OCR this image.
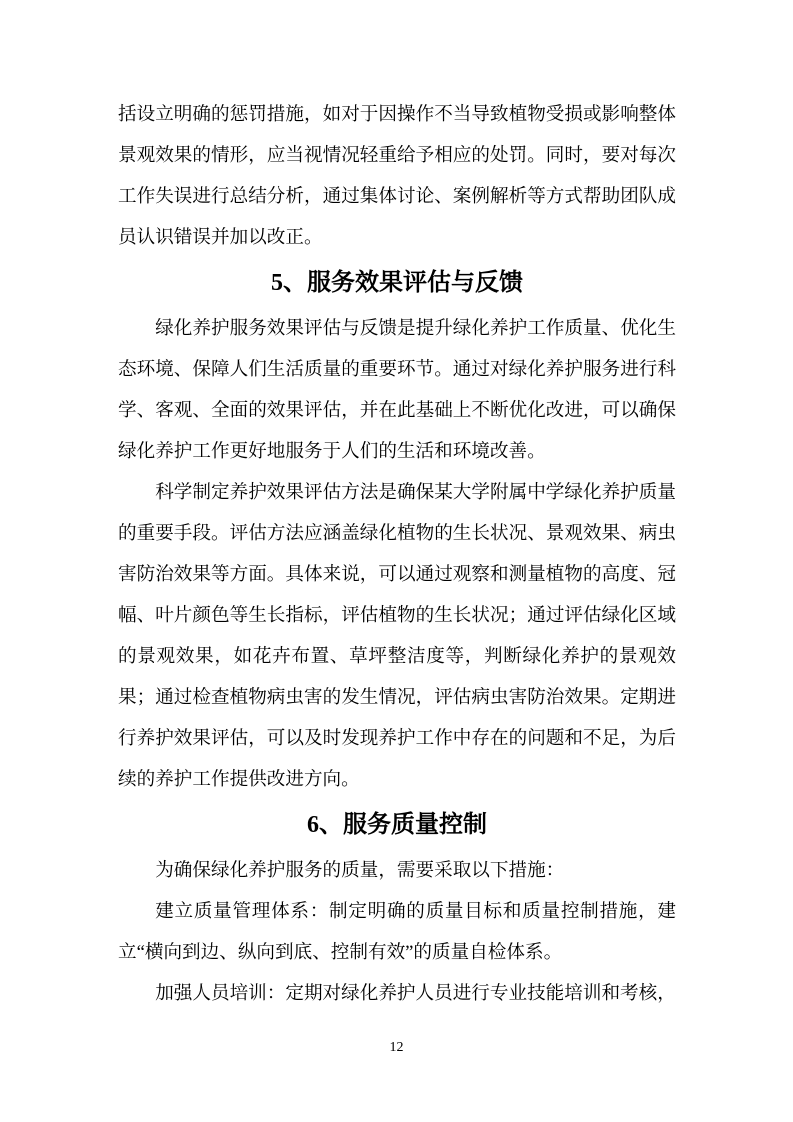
括设立明确的惩罚措施，如对于因操作不当导致植物受损或影响整体景观效果的情形，应当视情况轻重给予相应的处罚。同时，要对每次工作失误进行总结分析，通过集体讨论、案例解析等方式帮助团队成员认识错误并加以改正。

5、服务效果评估与反馈

绿化养护服务效果评估与反馈是提升绿化养护工作质量、优化生态环境、保障人们生活质量的重要环节。通过对绿化养护服务进行科学、客观、全面的效果评估，并在此基础上不断优化改进，可以确保绿化养护工作更好地服务于人们的生活和环境改善。

科学制定养护效果评估方法是确保某大学附属中学绿化养护质量的重要手段。评估方法应涵盖绿化植物的生长状况、景观效果、病虫害防治效果等方面。具体来说，可以通过观察和测量植物的高度、冠幅、叶片颜色等生长指标，评估植物的生长状况；通过评估绿化区域的景观效果，如花卉布置、草坪整洁度等，判断绿化养护的景观效果；通过检查植物病虫害的发生情况，评估病虫害防治效果。定期进行养护效果评估，可以及时发现养护工作中存在的问题和不足，为后续的养护工作提供改进方向。

6、服务质量控制

为确保绿化养护服务的质量，需要采取以下措施：

建立质量管理体系：制定明确的质量目标和质量控制措施，建立“横向到边、纵向到底、控制有效”的质量自检体系。

加强人员培训：定期对绿化养护人员进行专业技能培训和考核，

12
